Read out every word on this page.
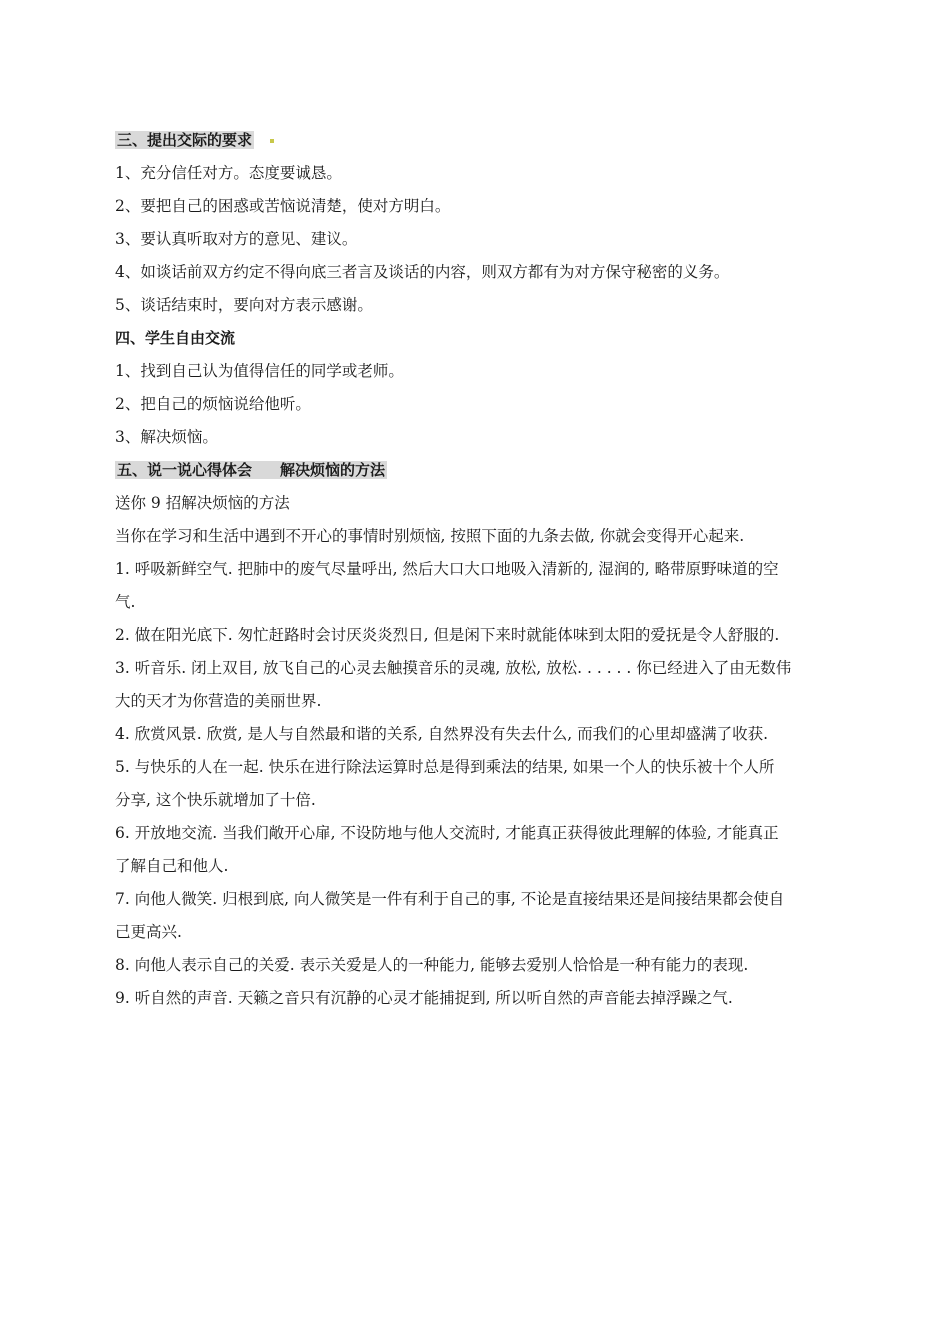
三、提出交际的要求
1、充分信任对方。态度要诚恳。
2、要把自己的困惑或苦恼说清楚，使对方明白。
3、要认真听取对方的意见、建议。
4、如谈话前双方约定不得向底三者言及谈话的内容，则双方都有为对方保守秘密的义务。
5、谈话结束时，要向对方表示感谢。
四、学生自由交流
1、找到自己认为值得信任的同学或老师。
2、把自己的烦恼说给他听。
3、解决烦恼。
五、说一说心得体会 解决烦恼的方法
送你 9 招解决烦恼的方法
当你在学习和生活中遇到不开心的事情时别烦恼, 按照下面的九条去做, 你就会变得开心起来.
1. 呼吸新鲜空气. 把肺中的废气尽量呼出, 然后大口大口地吸入清新的, 湿润的, 略带原野味道的空
气.
2. 做在阳光底下. 匆忙赶路时会讨厌炎炎烈日, 但是闲下来时就能体味到太阳的爱抚是令人舒服的.
3. 听音乐. 闭上双目, 放飞自己的心灵去触摸音乐的灵魂, 放松, 放松. . . . . . 你已经进入了由无数伟
大的天才为你营造的美丽世界.
4. 欣赏风景. 欣赏, 是人与自然最和谐的关系, 自然界没有失去什么, 而我们的心里却盛满了收获.
5. 与快乐的人在一起. 快乐在进行除法运算时总是得到乘法的结果, 如果一个人的快乐被十个人所
分享, 这个快乐就增加了十倍.
6. 开放地交流. 当我们敞开心扉, 不设防地与他人交流时, 才能真正获得彼此理解的体验, 才能真正
了解自己和他人.
7. 向他人微笑. 归根到底, 向人微笑是一件有利于自己的事, 不论是直接结果还是间接结果都会使自
己更高兴.
8. 向他人表示自己的关爱. 表示关爱是人的一种能力, 能够去爱别人恰恰是一种有能力的表现.
9. 听自然的声音. 天籁之音只有沉静的心灵才能捕捉到, 所以听自然的声音能去掉浮躁之气.
